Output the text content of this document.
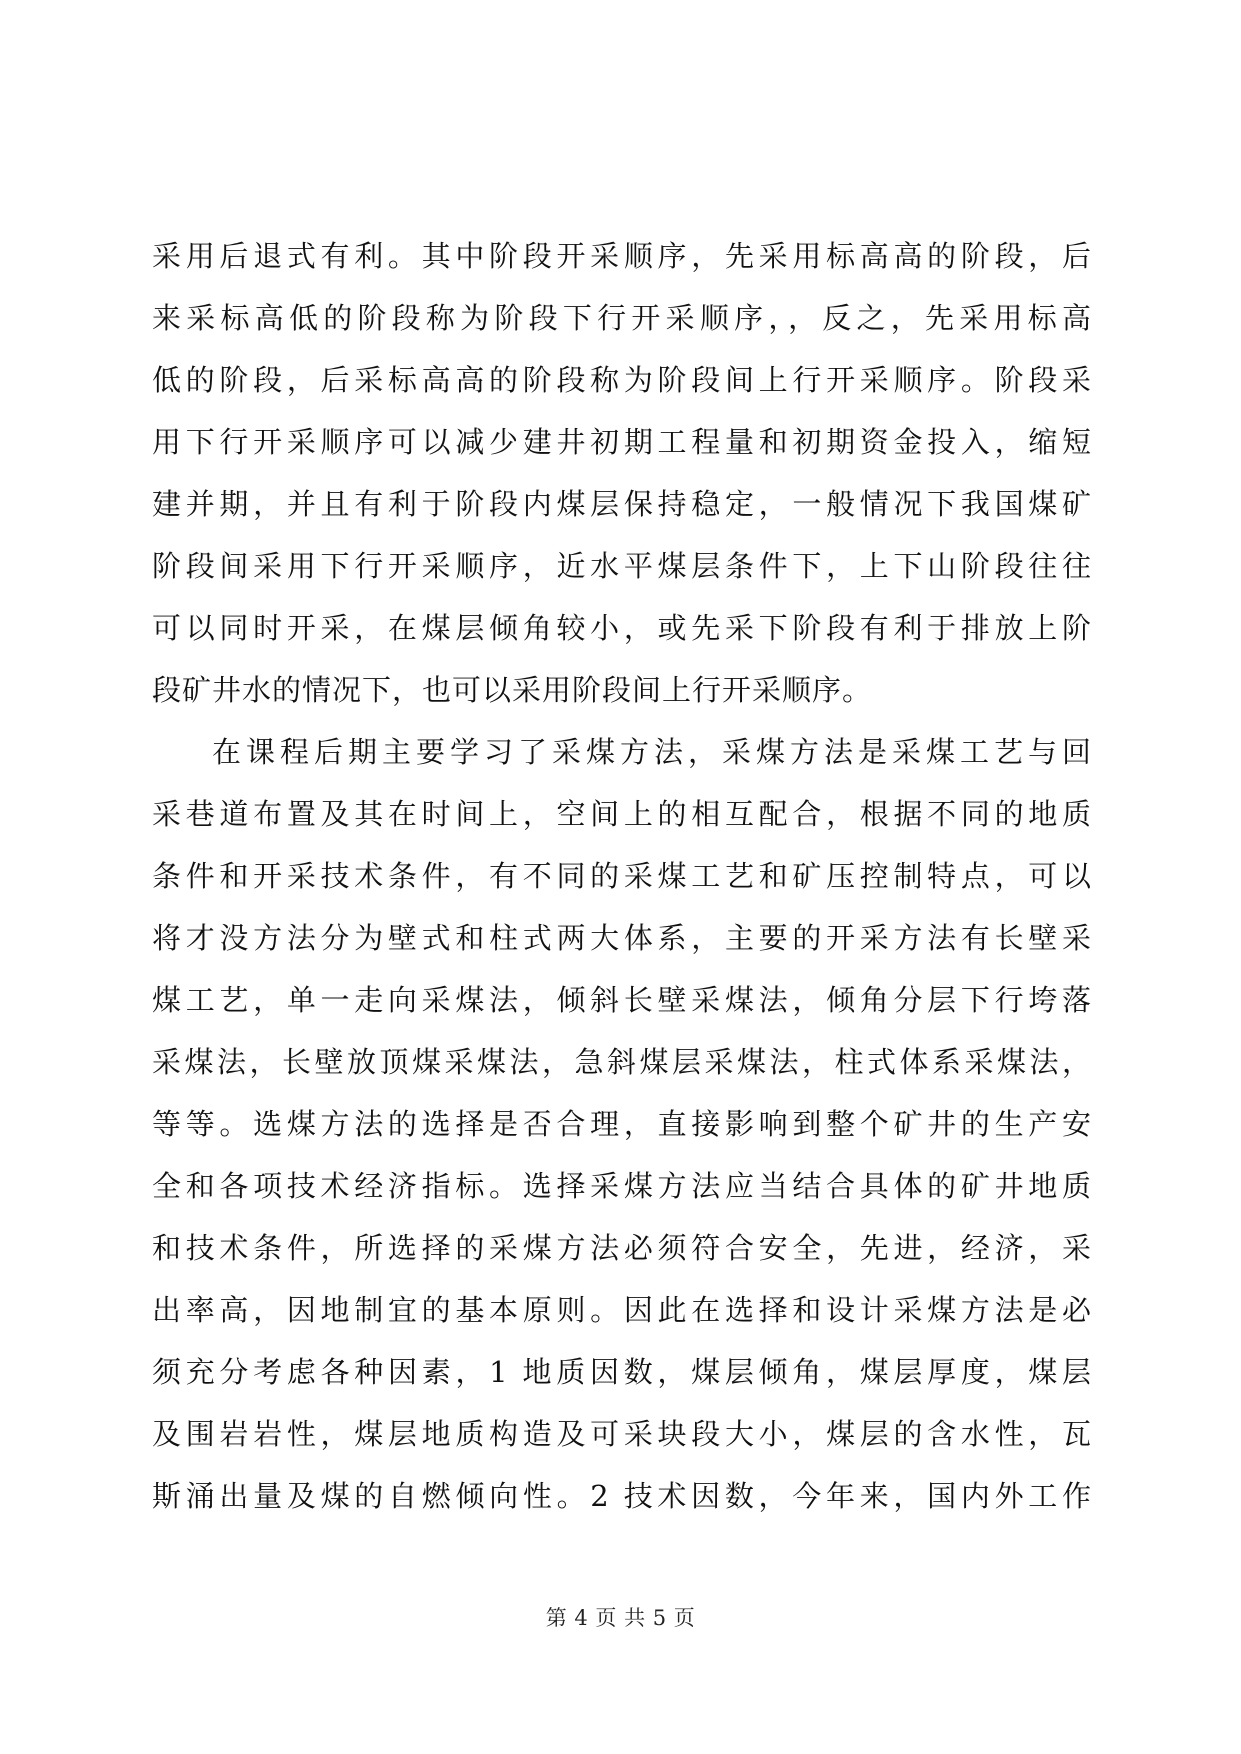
采用后退式有利。其中阶段开采顺序，先采用标高高的阶段，后
来采标高低的阶段称为阶段下行开采顺序，，反之，先采用标高
低的阶段，后采标高高的阶段称为阶段间上行开采顺序。阶段采
用下行开采顺序可以减少建井初期工程量和初期资金投入，缩短
建并期，并且有利于阶段内煤层保持稳定，一般情况下我国煤矿
阶段间采用下行开采顺序，近水平煤层条件下，上下山阶段往往
可以同时开采，在煤层倾角较小，或先采下阶段有利于排放上阶
段矿井水的情况下，也可以采用阶段间上行开采顺序。
在课程后期主要学习了采煤方法，采煤方法是采煤工艺与回
采巷道布置及其在时间上，空间上的相互配合，根据不同的地质
条件和开采技术条件，有不同的采煤工艺和矿压控制特点，可以
将才没方法分为壁式和柱式两大体系，主要的开采方法有长壁采
煤工艺，单一走向采煤法，倾斜长壁采煤法，倾角分层下行垮落
采煤法，长壁放顶煤采煤法，急斜煤层采煤法，柱式体系采煤法，
等等。选煤方法的选择是否合理，直接影响到整个矿井的生产安
全和各项技术经济指标。选择采煤方法应当结合具体的矿井地质
和技术条件，所选择的采煤方法必须符合安全，先进，经济，采
出率高，因地制宜的基本原则。因此在选择和设计采煤方法是必
须充分考虑各种因素，1 地质因数，煤层倾角，煤层厚度，煤层
及围岩岩性，煤层地质构造及可采块段大小，煤层的含水性，瓦
斯涌出量及煤的自燃倾向性。2 技术因数，今年来，国内外工作
第 4 页 共 5 页
